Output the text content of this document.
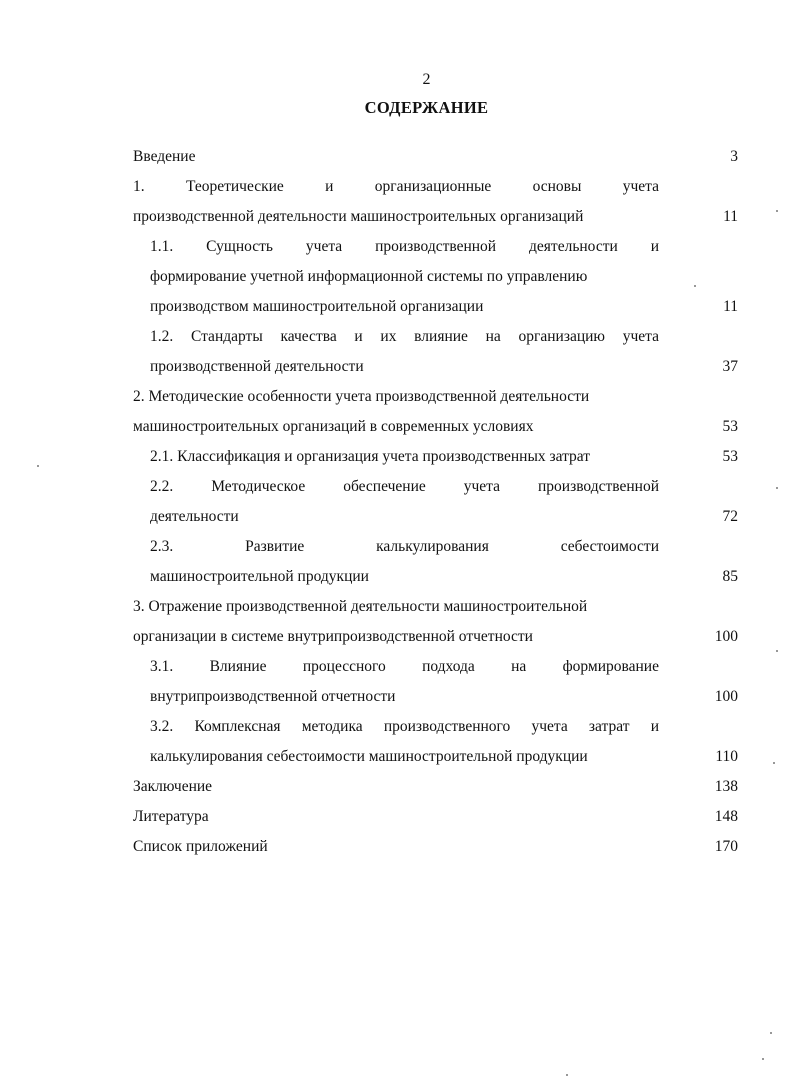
2
СОДЕРЖАНИЕ
Введение	3
1. Теоретические и организационные основы учета
производственной деятельности машиностроительных организаций	11
1.1. Сущность учета производственной деятельности и
формирование учетной информационной системы по управлению
производством машиностроительной организации	11
1.2. Стандарты качества и их влияние на организацию учета
производственной деятельности	37
2. Методические особенности учета производственной деятельности
машиностроительных организаций в современных условиях	53
2.1. Классификация и организация учета производственных затрат	53
2.2. Методическое обеспечение учета производственной
деятельности	72
2.3. Развитие калькулирования себестоимости
машиностроительной продукции	85
3. Отражение производственной деятельности машиностроительной
организации в системе внутрипроизводственной отчетности	100
3.1. Влияние процессного подхода на формирование
внутрипроизводственной отчетности	100
3.2. Комплексная методика производственного учета затрат и
калькулирования себестоимости машиностроительной продукции	110
Заключение	138
Литература	148
Список приложений	170
